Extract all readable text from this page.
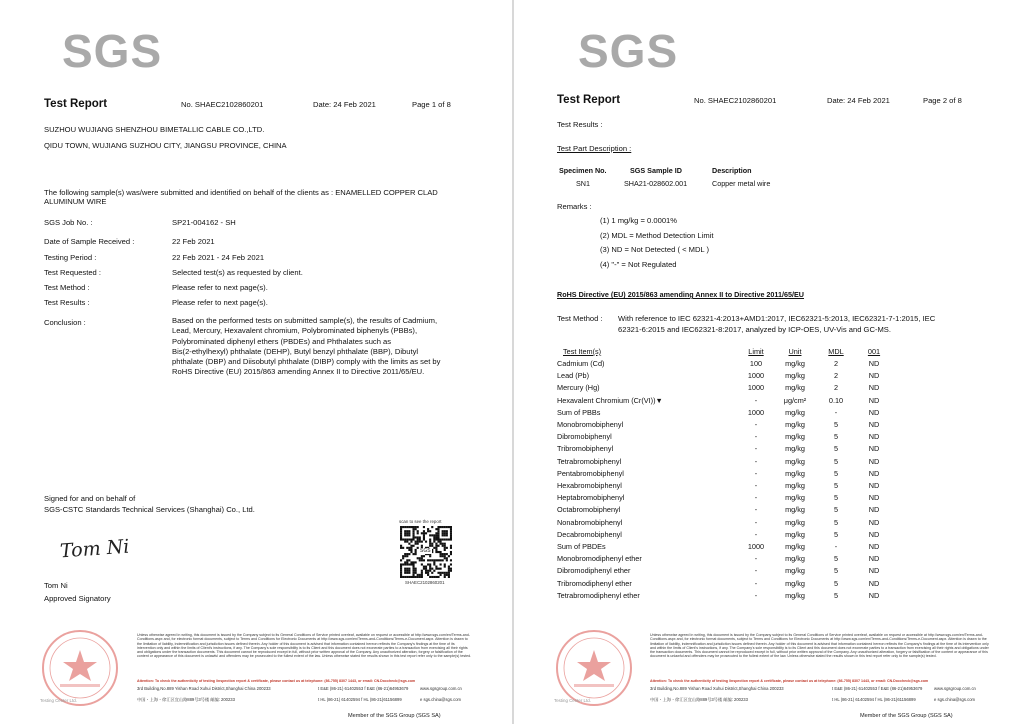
SGS
Test Report	No. SHAEC2102860201	Date: 24 Feb 2021	Page 1 of 8
SUZHOU WUJIANG SHENZHOU BIMETALLIC CABLE CO.,LTD.
QIDU TOWN, WUJIANG SUZHOU CITY, JIANGSU PROVINCE, CHINA
The following sample(s) was/were submitted and identified on behalf of the clients as : ENAMELLED COPPER CLAD ALUMINUM WIRE
SGS Job No. :	SP21-004162 - SH
Date of Sample Received :	22 Feb 2021
Testing Period :	22 Feb 2021 - 24 Feb 2021
Test Requested :	Selected test(s) as requested by client.
Test Method :	Please refer to next page(s).
Test Results :	Please refer to next page(s).
Conclusion :	Based on the performed tests on submitted sample(s), the results of Cadmium,
Lead, Mercury, Hexavalent chromium, Polybrominated biphenyls (PBBs),
Polybrominated diphenyl ethers (PBDEs) and Phthalates such as
Bis(2-ethylhexyl) phthalate (DEHP), Butyl benzyl phthalate (BBP), Dibutyl
phthalate (DBP) and Diisobutyl phthalate (DIBP) comply with the limits as set by
RoHS Directive (EU) 2015/863 amending Annex II to Directive 2011/65/EU.
Signed for and on behalf of
SGS-CSTC Standards Technical Services (Shanghai) Co., Ltd.
Tom Ni
Tom Ni
Approved Signatory
scan to see the report
SGS
SHAEC2102860201
Unless otherwise agreed in writing, this document is issued by the Company subject to its General Conditions of Service printed overleaf, available on request or accessible at http://www.sgs.com/en/Terms-and-Conditions.aspx and, for electronic format documents, subject to Terms and Conditions for Electronic Documents at http://www.sgs.com/en/Terms-and-Conditions/Terms-e-Document.aspx. Attention is drawn to the limitation of liability, indemnification and jurisdiction issues defined therein. Any holder of this document is advised that information contained hereon reflects the Company's findings at the time of its intervention only and within the limits of Client's instructions, if any. The Company's sole responsibility is to its Client and this document does not exonerate parties to a transaction from exercising all their rights and obligations under the transaction documents. This document cannot be reproduced except in full, without prior written approval of the Company. Any unauthorized alteration, forgery or falsification of the content or appearance of this document is unlawful and offenders may be prosecuted to the fullest extent of the law. Unless otherwise stated the results shown in this test report refer only to the sample(s) tested.
Attention: To check the authenticity of testing /inspection report & certificate, please contact us at telephone: (86-755) 8307 1443, or email: CN.Doccheck@sgs.com
3rd Building,No.889 Yishan Road Xuhui District,Shanghai China 200233	t E&E (86-21) 61402553 f E&E (86-21)64953679	www.sgsgroup.com.cn
中国・上海・徐汇区宜山路889号3号楼 邮编: 200233	t HL (86-21) 61402594 f HL (86-21)61156899	e sgs.china@sgs.com
Testing Center Ltd.
Member of the SGS Group (SGS SA)
SGS
Test Report	No. SHAEC2102860201	Date: 24 Feb 2021	Page 2 of 8
Test Results :
Test Part Description :
Specimen No.	SGS Sample ID	Description
SN1	SHA21-028602.001	Copper metal wire
Remarks :
(1) 1 mg/kg = 0.0001%
(2) MDL = Method Detection Limit
(3) ND = Not Detected ( < MDL )
(4) "-" = Not Regulated
RoHS Directive (EU) 2015/863 amending Annex II to Directive 2011/65/EU
Test Method : With reference to IEC 62321-4:2013+AMD1:2017, IEC62321-5:2013, IEC62321-7-1:2015, IEC
62321-6:2015 and IEC62321-8:2017, analyzed by ICP-OES, UV-Vis and GC-MS.
Test Item(s)	Limit	Unit	MDL	001
Cadmium (Cd)	100	mg/kg	2	ND
Lead (Pb)	1000	mg/kg	2	ND
Mercury (Hg)	1000	mg/kg	2	ND
Hexavalent Chromium (Cr(VI))▼	-	μg/cm²	0.10	ND
Sum of PBBs	1000	mg/kg	-	ND
Monobromobiphenyl	-	mg/kg	5	ND
Dibromobiphenyl	-	mg/kg	5	ND
Tribromobiphenyl	-	mg/kg	5	ND
Tetrabromobiphenyl	-	mg/kg	5	ND
Pentabromobiphenyl	-	mg/kg	5	ND
Hexabromobiphenyl	-	mg/kg	5	ND
Heptabromobiphenyl	-	mg/kg	5	ND
Octabromobiphenyl	-	mg/kg	5	ND
Nonabromobiphenyl	-	mg/kg	5	ND
Decabromobiphenyl	-	mg/kg	5	ND
Sum of PBDEs	1000	mg/kg	-	ND
Monobromodiphenyl ether	-	mg/kg	5	ND
Dibromodiphenyl ether	-	mg/kg	5	ND
Tribromodiphenyl ether	-	mg/kg	5	ND
Tetrabromodiphenyl ether	-	mg/kg	5	ND
Unless otherwise agreed in writing, this document is issued by the Company subject to its General Conditions of Service printed overleaf, available on request or accessible at http://www.sgs.com/en/Terms-and-Conditions.aspx and, for electronic format documents, subject to Terms and Conditions for Electronic Documents at http://www.sgs.com/en/Terms-and-Conditions/Terms-e-Document.aspx. Attention is drawn to the limitation of liability, indemnification and jurisdiction issues defined therein. Any holder of this document is advised that information contained hereon reflects the Company's findings at the time of its intervention only and within the limits of Client's instructions, if any. The Company's sole responsibility is to its Client and this document does not exonerate parties to a transaction from exercising all their rights and obligations under the transaction documents. This document cannot be reproduced except in full, without prior written approval of the Company. Any unauthorized alteration, forgery or falsification of the content or appearance of this document is unlawful and offenders may be prosecuted to the fullest extent of the law. Unless otherwise stated the results shown in this test report refer only to the sample(s) tested.
Attention: To check the authenticity of testing /inspection report & certificate, please contact us at telephone: (86-755) 8307 1443, or email: CN.Doccheck@sgs.com
3rd Building,No.889 Yishan Road Xuhui District,Shanghai China 200233	t E&E (86-21) 61402553 f E&E (86-21)64953679	www.sgsgroup.com.cn
中国・上海・徐汇区宜山路889号3号楼 邮编: 200233	t HL (86-21) 61402594 f HL (86-21)61156899	e sgs.china@sgs.com
Testing Center Ltd.
Member of the SGS Group (SGS SA)
